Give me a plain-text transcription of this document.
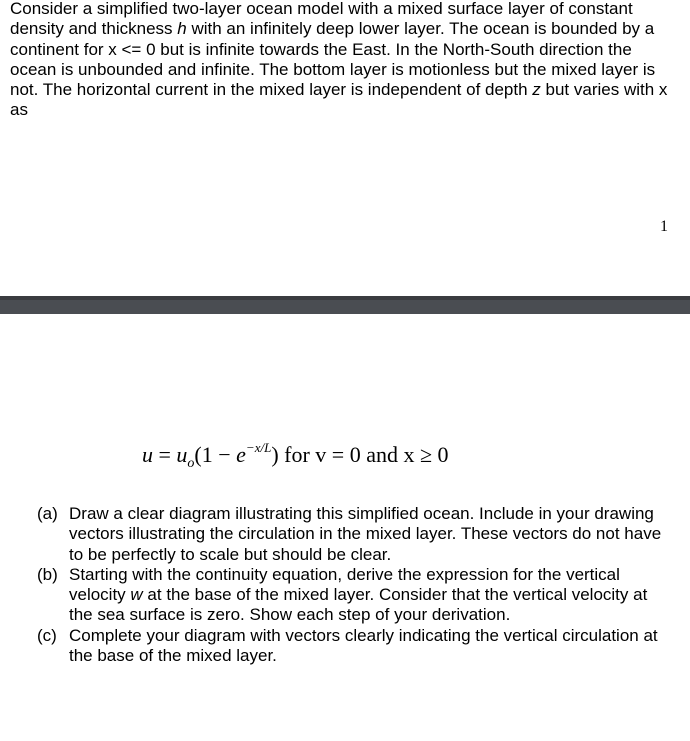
Consider a simplified two-layer ocean model with a mixed surface layer of constant density and thickness h with an infinitely deep lower layer. The ocean is bounded by a continent for x <= 0 but is infinite towards the East. In the North-South direction the ocean is unbounded and infinite. The bottom layer is motionless but the mixed layer is not. The horizontal current in the mixed layer is independent of depth z but varies with x as

1
$u = u_o(1 - e^{-x/L})$ for v = 0 and x ≥ 0
(a) Draw a clear diagram illustrating this simplified ocean. Include in your drawing vectors illustrating the circulation in the mixed layer. These vectors do not have to be perfectly to scale but should be clear.
(b) Starting with the continuity equation, derive the expression for the vertical velocity w at the base of the mixed layer. Consider that the vertical velocity at the sea surface is zero. Show each step of your derivation.
(c) Complete your diagram with vectors clearly indicating the vertical circulation at the base of the mixed layer.
